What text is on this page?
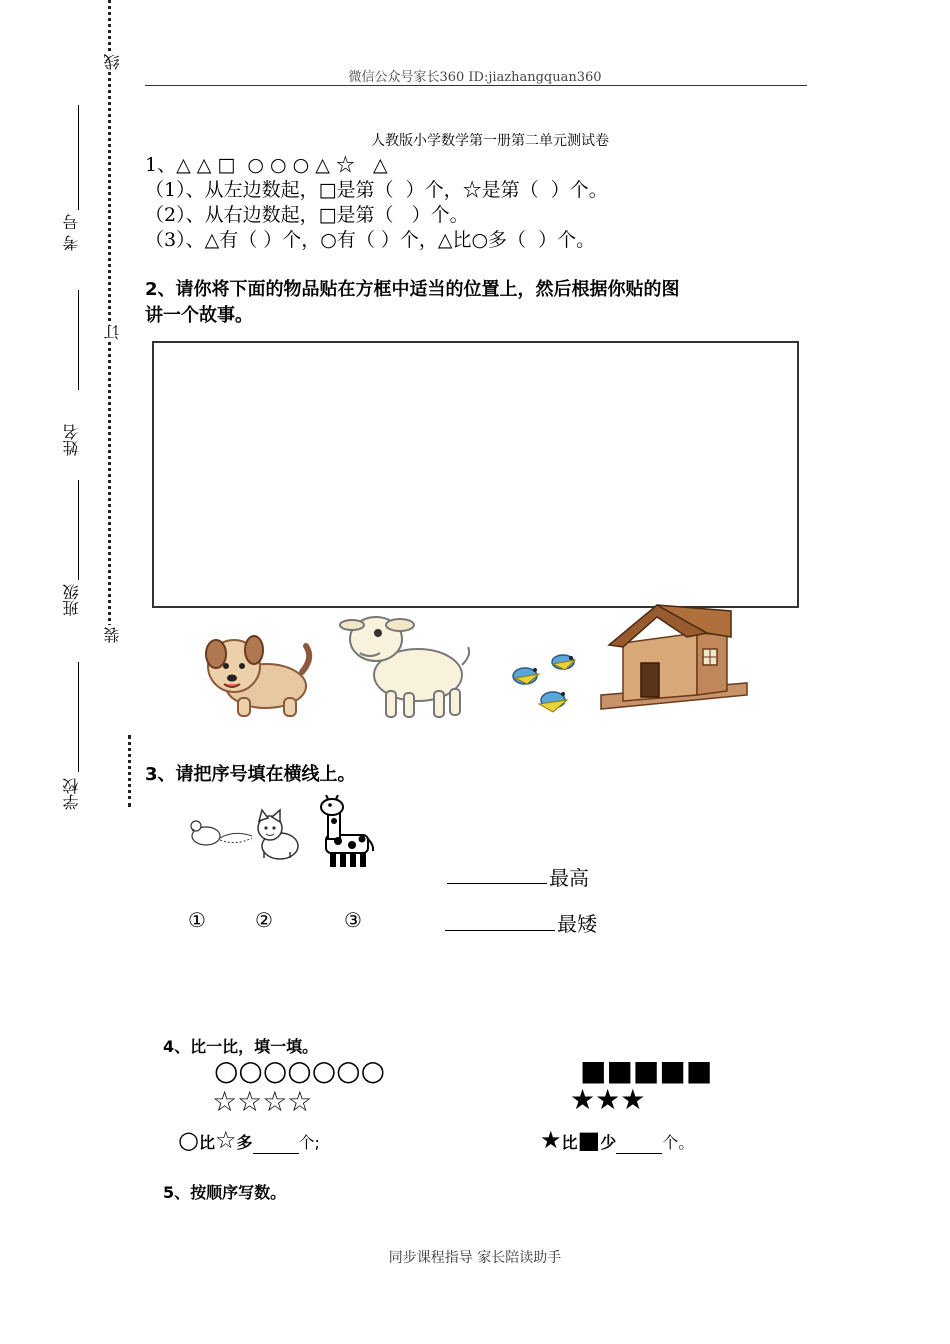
线
订
装
考 号
姓名
班级
学校
微信公众号家长360 ID:jiazhangquan360
人教版小学数学第一册第二单元测试卷
1、△ △ □  ○ ○ ○ △ ☆   △
（1）、从左边数起，□是第（  ）个，☆是第（  ）个。
（2）、从右边数起，□是第（   ）个。
（3）、△有（ ）个，○有（ ）个，△比○多（  ）个。
2、请你将下面的物品贴在方框中适当的位置上，然后根据你贴的图
讲一个故事。
3、请把序号填在横线上。
① ②	③
最高
最矮
4、比一比，填一填。
○○○○○○○
☆☆☆☆
■■■■■
★★★
○比☆多	个;	★比■少	个。
5、按顺序写数。
同步课程指导 家长陪读助手
